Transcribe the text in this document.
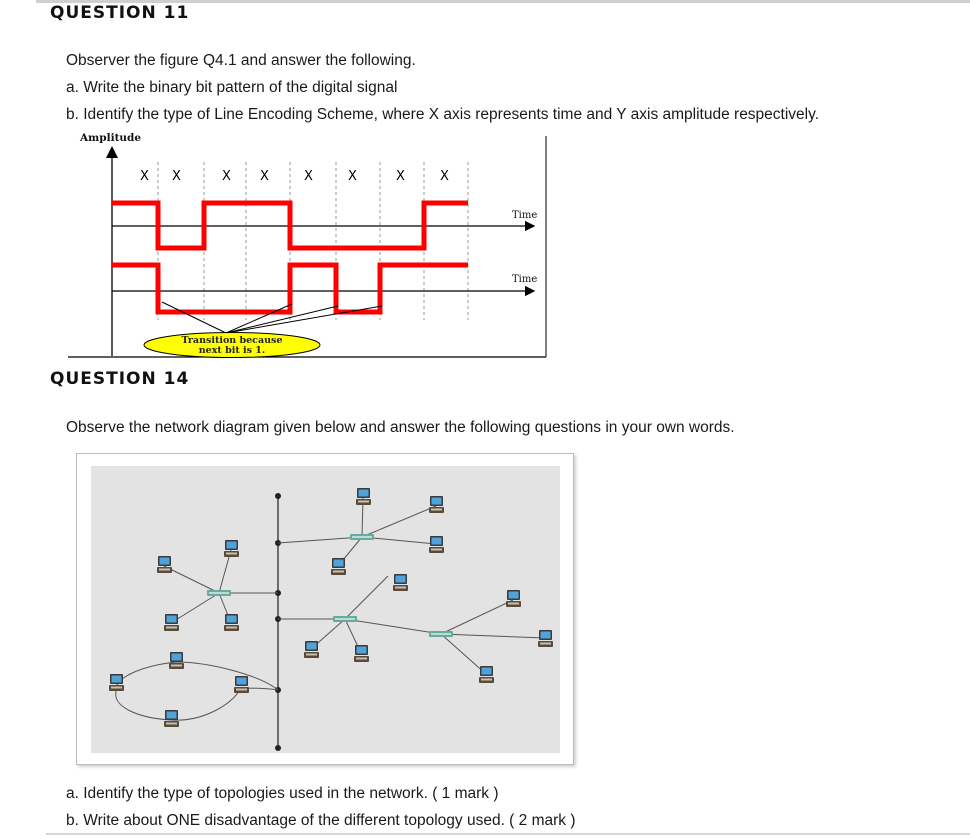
QUESTION 11
Observer the figure Q4.1 and answer the following.
a. Write the binary bit pattern of the digital signal
b. Identify the type of Line Encoding Scheme, where X axis represents time and Y axis amplitude respectively.
Amplitude
X X	X X	X	X	X	X
Time
Time
Transition because
next bit is 1.
QUESTION 14
Observe the network diagram given below and answer the following questions in your own words.
a. Identify the type of topologies used in the network. ( 1 mark )
b. Write about ONE disadvantage of the different topology used. ( 2 mark )
